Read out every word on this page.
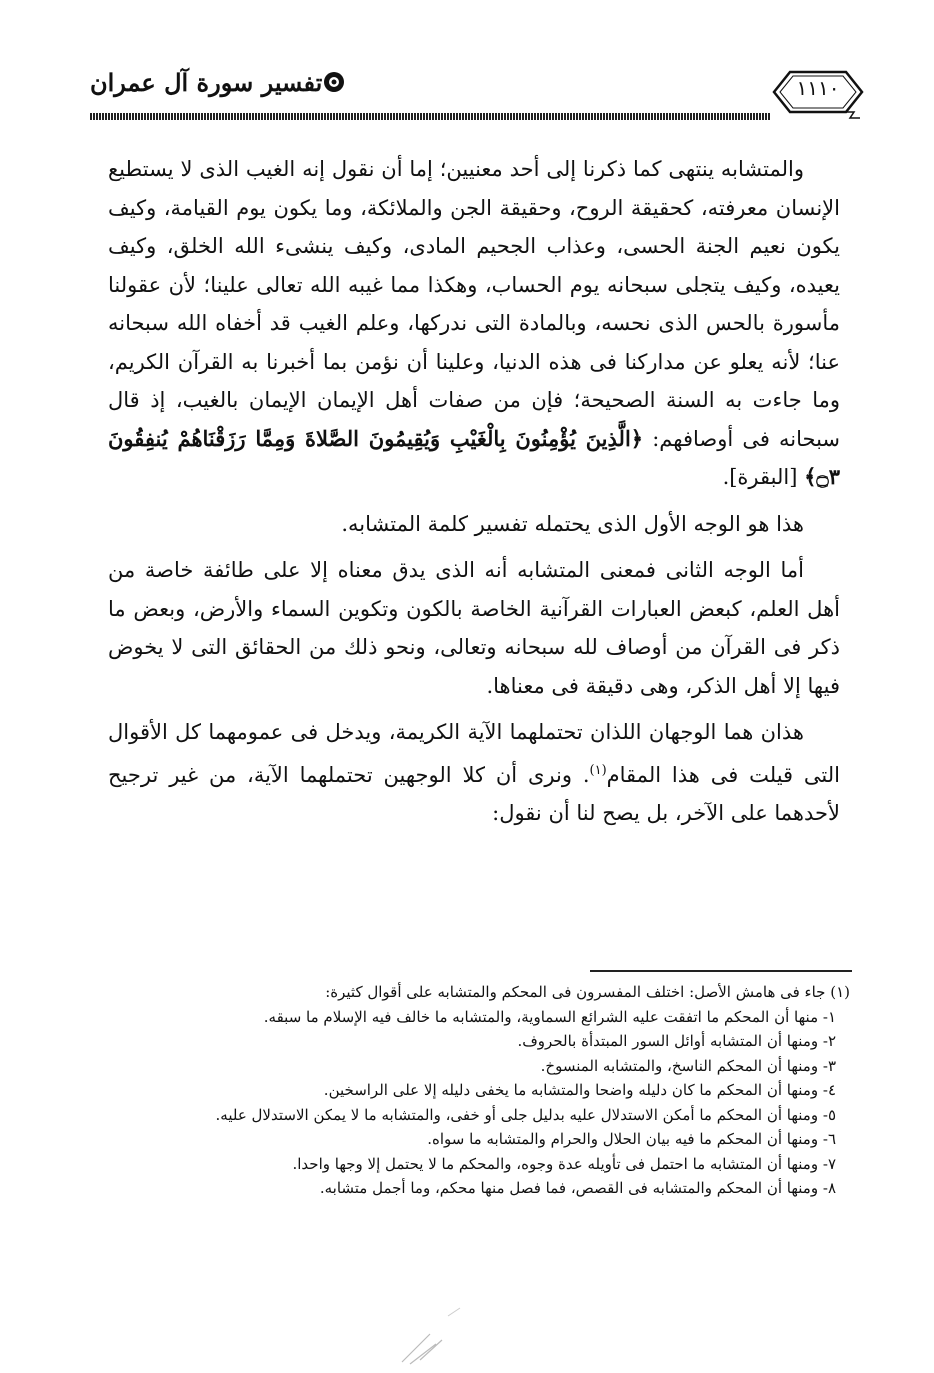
١١١٠
تفسير سورة آل عمران

والمتشابه ينتهى كما ذكرنا إلى أحد معنيين؛ إما أن نقول إنه الغيب الذى لا يستطيع الإنسان معرفته، كحقيقة الروح، وحقيقة الجن والملائكة، وما يكون يوم القيامة، وكيف يكون نعيم الجنة الحسى، وعذاب الجحيم المادى، وكيف ينشىء الله الخلق، وكيف يعيده، وكيف يتجلى سبحانه يوم الحساب، وهكذا مما غيبه الله تعالى علينا؛ لأن عقولنا مأسورة بالحس الذى نحسه، وبالمادة التى ندركها، وعلم الغيب قد أخفاه الله سبحانه عنا؛ لأنه يعلو عن مداركنا فى هذه الدنيا، وعلينا أن نؤمن بما أخبرنا به القرآن الكريم، وما جاءت به السنة الصحيحة؛ فإن من صفات أهل الإيمان الإيمان بالغيب، إذ قال سبحانه فى أوصافهم: ﴿الَّذِينَ يُؤْمِنُونَ بِالْغَيْبِ وَيُقِيمُونَ الصَّلاةَ وَمِمَّا رَزَقْنَاهُمْ يُنفِقُونَ ۝٣﴾ [البقرة].

هذا هو الوجه الأول الذى يحتمله تفسير كلمة المتشابه.

أما الوجه الثانى فمعنى المتشابه أنه الذى يدق معناه إلا على طائفة خاصة من أهل العلم، كبعض العبارات القرآنية الخاصة بالكون وتكوين السماء والأرض، وبعض ما ذكر فى القرآن من أوصاف لله سبحانه وتعالى، ونحو ذلك من الحقائق التى لا يخوض فيها إلا أهل الذكر، وهى دقيقة فى معناها.

هذان هما الوجهان اللذان تحتملهما الآية الكريمة، ويدخل فى عمومهما كل الأقوال التى قيلت فى هذا المقام$^{(١)}$. ونرى أن كلا الوجهين تحتملهما الآية، من غير ترجيح لأحدهما على الآخر، بل يصح لنا أن نقول:

(١) جاء فى هامش الأصل: اختلف المفسرون فى المحكم والمتشابه على أقوال كثيرة:

١- منها أن المحكم ما اتفقت عليه الشرائع السماوية، والمتشابه ما خالف فيه الإسلام ما سبقه.

٢- ومنها أن المتشابه أوائل السور المبتدأة بالحروف.

٣- ومنها أن المحكم الناسخ، والمتشابه المنسوخ.

٤- ومنها أن المحكم ما كان دليله واضحا والمتشابه ما يخفى دليله إلا على الراسخين.

٥- ومنها أن المحكم ما أمكن الاستدلال عليه بدليل جلى أو خفى، والمتشابه ما لا يمكن الاستدلال عليه.

٦- ومنها أن المحكم ما فيه بيان الحلال والحرام والمتشابه ما سواه.

٧- ومنها أن المتشابه ما احتمل فى تأويله عدة وجوه، والمحكم ما لا يحتمل إلا وجها واحدا.

٨- ومنها أن المحكم والمتشابه فى القصص، فما فصل منها محكم، وما أجمل متشابه.
